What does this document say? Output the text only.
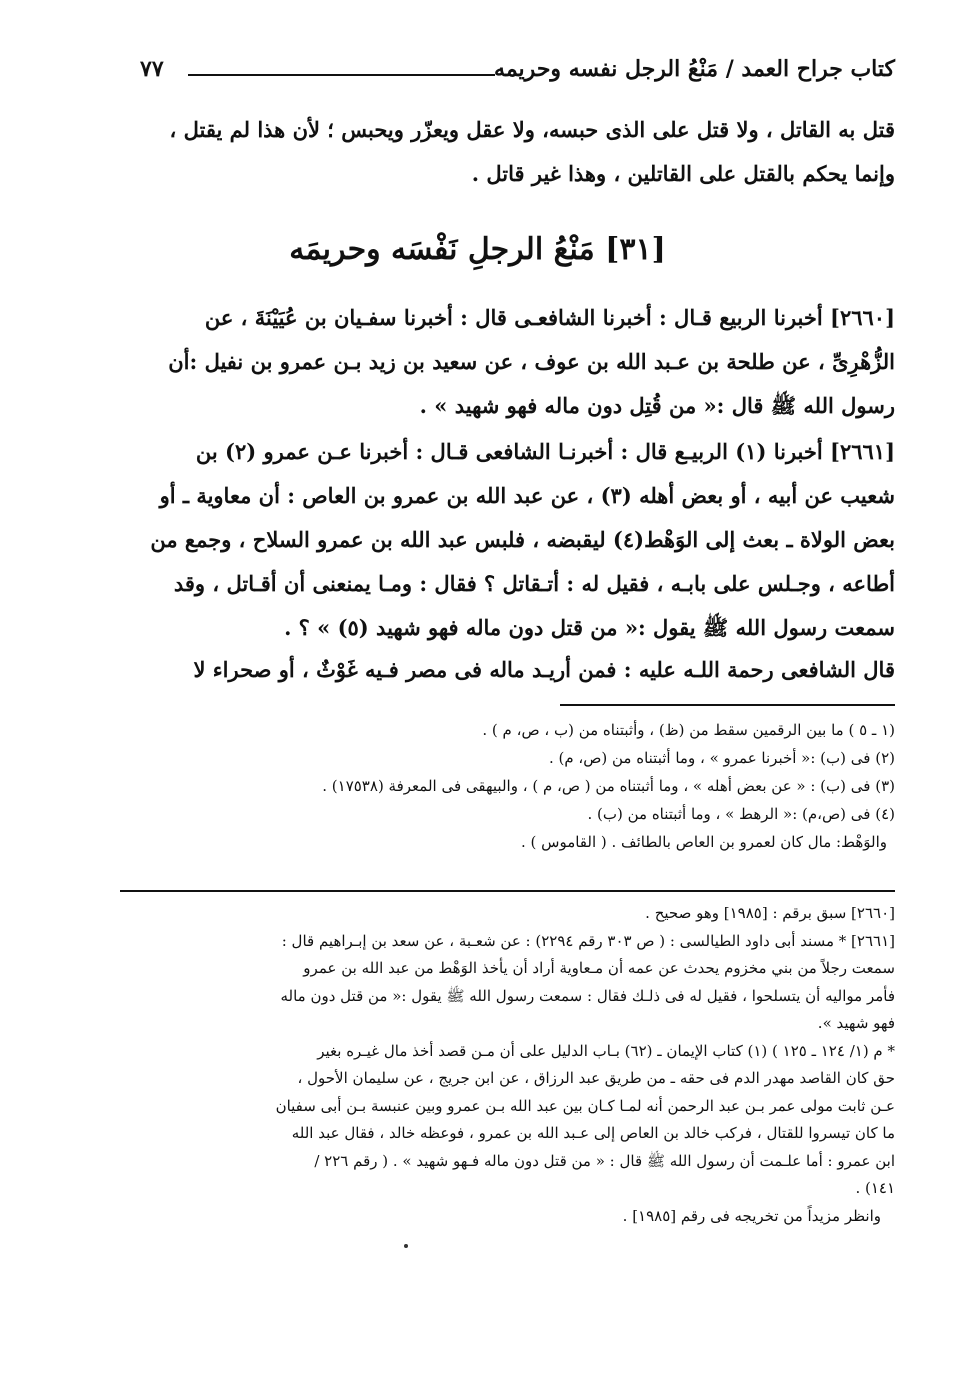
كتاب جراح العمد / مَنْعُ الرجل نفسه وحريمه
٧٧
قتل به القاتل ، ولا قتل على الذى حبسه، ولا عقل ويعزّر ويحبس ؛ لأن هذا لم يقتل ،
وإنما يحكم بالقتل على القاتلين ، وهذا غير قاتل .
[٣١] مَنْعُ الرجلِ نَفْسَه وحريمَه
[٢٦٦٠] أخبرنا الربيع قـال : أخبرنا الشافعـى قال : أخبرنا سفـيان بن عُيَيْنَةَ ، عن
الزُّهْرِىِّ ، عن طلحة بن عـبد الله بن عوف ، عن سعيد بن زيد بـن عمرو بن نفيل :أن
رسول الله ﷺ قال :« من قُتِل دون ماله فهو شهيد » .
[٢٦٦١] أخبرنا (١) الربيـع قال : أخبرنـا الشافعى قـال : أخبرنا عـن عمرو (٢) بن
شعيب عن أبيه ، أو بعض أهله (٣) ، عن عبد الله بن عمرو بن العاص : أن معاوية ـ أو
بعض الولاة ـ بعث إلى الوَهْط(٤) ليقبضه ، فلبس عبد الله بن عمرو السلاح ، وجمع من
أطاعه ، وجـلس على بابـه ، فقيل له : أتـقاتل ؟ فقال : ومـا يمنعنى أن أقـاتل ، وقد
سمعت رسول الله ﷺ يقول :« من قتل دون ماله فهو شهيد (٥) » ؟ .
قال الشافعى رحمة اللـه عليه : فمن أريـد ماله فى مصر فـيه غَوْثٌ ، أو صحراء لا
(١ ـ ٥ ) ما بين الرقمين سقط من (ظ) ، وأثبتناه من (ب ، ص، م ) .
(٢) فى (ب) :« أخبرنا عمرو » ، وما أثبتناه من (ص، م) .
(٣) فى (ب) : « عن بعض أهله » ، وما أثبتناه من ( ص، م ) ، والبيهقى فى المعرفة (١٧٥٣٨) .
(٤) فى (ص،م) :« الرهط » ، وما أثبتناه من (ب) .
والوَهْط: مال كان لعمرو بن العاص بالطائف . ( القاموس ) .
[٢٦٦٠] سبق برقم : [١٩٨٥] وهو صحيح .
[٢٦٦١] * مسند أبى داود الطيالسى : ( ص ٣٠٣ رقم ٢٢٩٤) : عن شعـبة ، عن سعد بن إبـراهيم قال :
سمعت رجلاً من بني مخزوم يحدث عن عمه أن مـعاوية أراد أن يأخذ الوَهْط من عبد الله بن عمرو
فأمر مواليه أن يتسلحوا ، فقيل له فى ذلـك فقال : سمعت رسول الله ﷺ يقول :« من قتل دون ماله
فهو شهيد ».
* م (١/ ١٢٤ ـ ١٢٥ ) (١) كتاب الإيمان ـ (٦٢) بـاب الدليل على أن مـن قصد أخذ مال غيـره بغير
حق كان القاصد مهدر الدم فى حقه ـ من طريق عبد الرزاق ، عن ابن جريج ، عن سليمان الأحول ،
عـن ثابت مولى عمر بـن عبد الرحمن أنه لمـا كـان بين عبد الله بـن عمرو وبين عنبسة بـن أبى سفيان
ما كان تيسروا للقتال ، فركب خالد بن العاص إلى عـبد الله بن عمرو ، فوعظه خالد ، فقال عبد الله
ابن عمرو : أما علـمت أن رسول الله ﷺ قال : « من قتل دون ماله فـهو شهيد » . ( رقم ٢٢٦ /
١٤١) .
وانظر مزيداً من تخريجه فى رقم [١٩٨٥] .
